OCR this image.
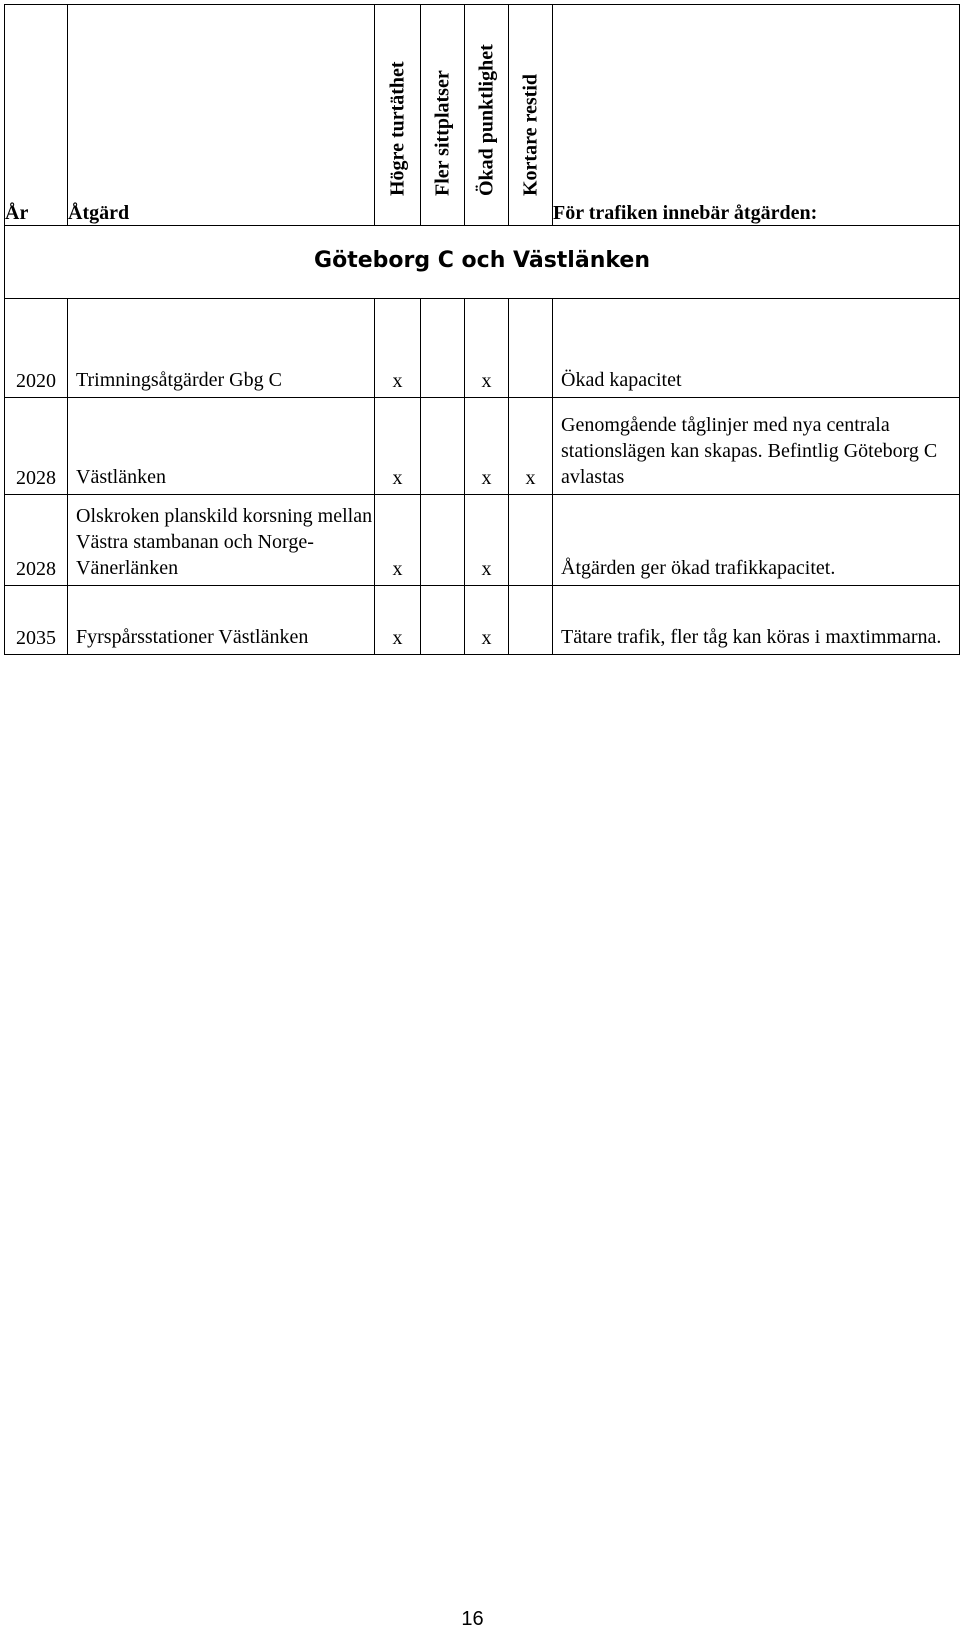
År	Åtgärd	Högre turtäthet	Fler sittplatser	Ökad punktlighet	Kortare restid	För trafiken innebär åtgärden:
Göteborg C och Västlänken						
2020	Trimningsåtgärder Gbg C	x		x		Ökad kapacitet
2028	Västlänken	x		x	x	Genomgående tåglinjer med nya centrala stationslägen kan skapas. Befintlig Göteborg C avlastas
2028	Olskroken planskild korsning mellan Västra stambanan och Norge-Vänerlänken	x		x		Åtgärden ger ökad trafikkapacitet.
2035	Fyrspårsstationer Västlänken	x		x		Tätare trafik, fler tåg kan köras i maxtimmarna.
16
